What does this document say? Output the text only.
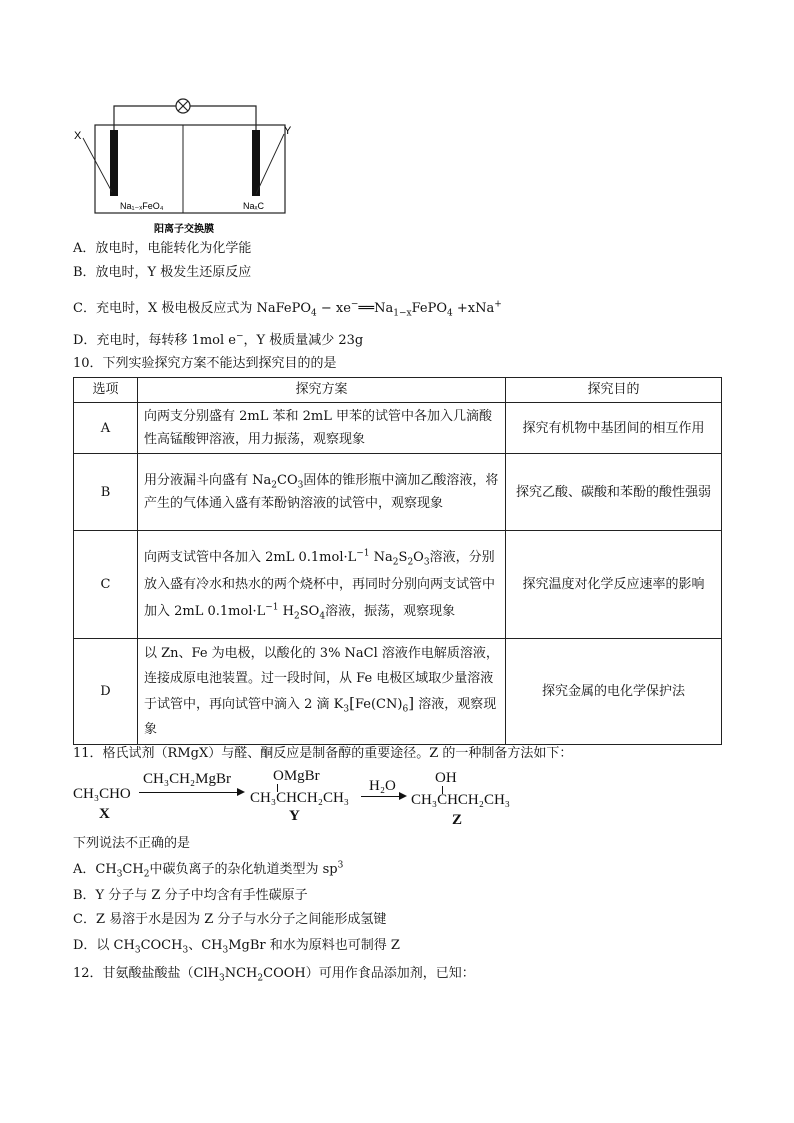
X	Y
Na₁₋ₓFeO₄	NaₓC
阳离子交换膜
A．放电时，电能转化为化学能
B．放电时，Y 极发生还原反应
C．充电时，X 极电极反应式为 NaFePO$_4$ − $xe^-══Na_{1-x}FePO_4 +xNa^+$
D．充电时，每转移 1mol e−，Y 极质量减少 23g
10．下列实验探究方案不能达到探究目的的是
选项	探究方案	探究目的
A	向两支分别盛有 2mL 苯和 2mL 甲苯的试管中各加入几滴酸性高锰酸钾溶液，用力振荡，观察现象	探究有机物中基团间的相互作用
B	用分液漏斗向盛有 $Na_2CO_3$固体的锥形瓶中滴加乙酸溶液，将产生的气体通入盛有苯酚钠溶液的试管中，观察现象	探究乙酸、碳酸和苯酚的酸性强弱
C	向两支试管中各加入 2mL $0.1mol\cdot L^{-1}$ $Na_2S_2O_3$溶液，分别放入盛有冷水和热水的两个烧杯中，再同时分别向两支试管中加入 2mL $0.1mol\cdot L^{-1}$ $H_2SO_4$溶液，振荡，观察现象	探究温度对化学反应速率的影响
D	以 Zn、Fe 为电极，以酸化的 3% NaCl 溶液作电解质溶液，连接成原电池装置。过一段时间，从 Fe 电极区域取少量溶液于试管中，再向试管中滴入 2 滴 $K_3[Fe(CN)_6]$ 溶液，观察现象	探究金属的电化学保护法
11．格氏试剂（RMgX）与醛、酮反应是制备醇的重要途径。Z 的一种制备方法如下：
CH₃CHO
X
CH₃CH₂MgBr	OMgBr
CH₃CHCH₂CH₃
Y
H₂O	OH
CH₃CHCH₂CH₃
Z
下列说法不正确的是
A．$CH_3CH_2$中碳负离子的杂化轨道类型为 $sp^3$
B．Y 分子与 Z 分子中均含有手性碳原子
C．Z 易溶于水是因为 Z 分子与水分子之间能形成氢键
D．以 $CH_3COCH_3$、$CH_3MgBr$ 和水为原料也可制得 Z
12．甘氨酸盐酸盐$(ClH_3NCH_2COOH)$可用作食品添加剂，已知：
